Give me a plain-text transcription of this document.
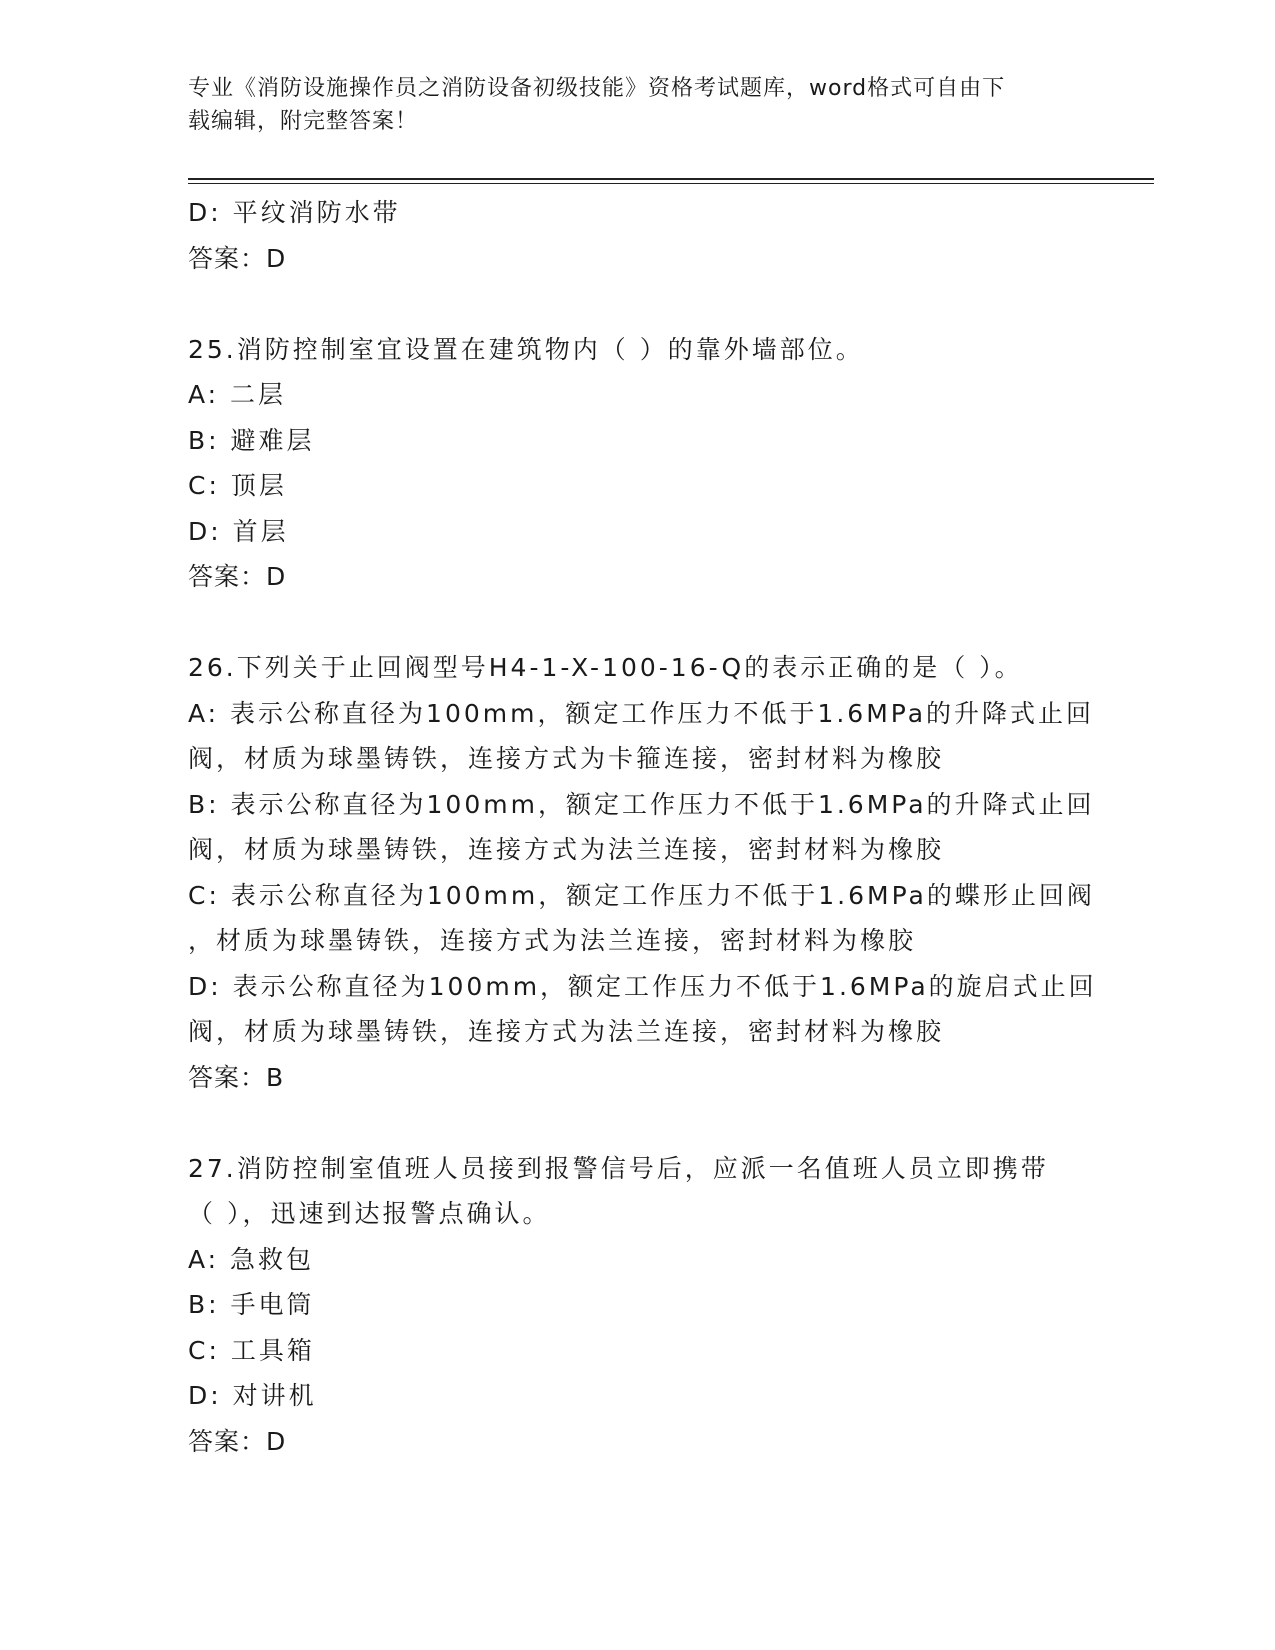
专业《消防设施操作员之消防设备初级技能》资格考试题库，word格式可自由下
载编辑，附完整答案！
D: 平纹消防水带
答案：D
25.消防控制室宜设置在建筑物内（ ）的靠外墙部位。
A: 二层
B: 避难层
C: 顶层
D: 首层
答案：D
26.下列关于止回阀型号H4-1-X-100-16-Q的表示正确的是（ ）。
A: 表示公称直径为100mm，额定工作压力不低于1.6MPa的升降式止回
阀，材质为球墨铸铁，连接方式为卡箍连接，密封材料为橡胶
B: 表示公称直径为100mm，额定工作压力不低于1.6MPa的升降式止回
阀，材质为球墨铸铁，连接方式为法兰连接，密封材料为橡胶
C: 表示公称直径为100mm，额定工作压力不低于1.6MPa的蝶形止回阀
，材质为球墨铸铁，连接方式为法兰连接，密封材料为橡胶
D: 表示公称直径为100mm，额定工作压力不低于1.6MPa的旋启式止回
阀，材质为球墨铸铁，连接方式为法兰连接，密封材料为橡胶
答案：B
27.消防控制室值班人员接到报警信号后，应派一名值班人员立即携带
（ ），迅速到达报警点确认。
A: 急救包
B: 手电筒
C: 工具箱
D: 对讲机
答案：D
